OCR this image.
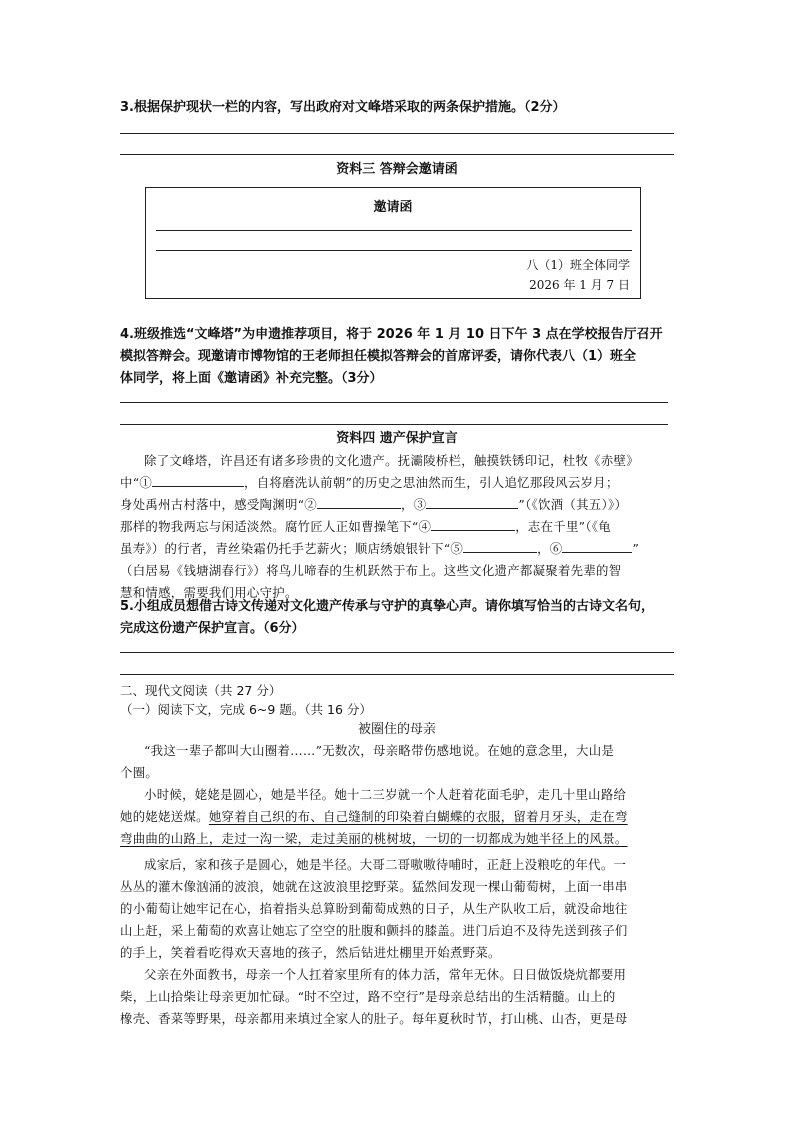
3.根据保护现状一栏的内容，写出政府对文峰塔采取的两条保护措施。（2分）
资料三 答辩会邀请函
邀请函
八（1）班全体同学
2026 年 1 月 7 日
4.班级推选“文峰塔”为申遗推荐项目，将于 2026 年 1 月 10 日下午 3 点在学校报告厅召开
模拟答辩会。现邀请市博物馆的王老师担任模拟答辩会的首席评委，请你代表八（1）班全
体同学，将上面《邀请函》补充完整。（3分）
资料四 遗产保护宣言
除了文峰塔，许昌还有诸多珍贵的文化遗产。抚灞陵桥栏，触摸铁锈印记，杜牧《赤壁》
中“①	，自将磨洗认前朝”的历史之思油然而生，引人追忆那段风云岁月；
身处禹州古村落中，感受陶渊明“②	，③	”（《饮酒（其五）》）
那样的物我两忘与闲适淡然。腐竹匠人正如曹操笔下“④	，志在千里”（《龟
虽寿》）的行者，青丝染霜仍托手艺薪火；顺店绣娘银针下“⑤	，⑥	”
（白居易《钱塘湖春行》）将鸟儿啼春的生机跃然于布上。这些文化遗产都凝聚着先辈的智
慧和情感，需要我们用心守护。
5.小组成员想借古诗文传递对文化遗产传承与守护的真挚心声。请你填写恰当的古诗文名句，
完成这份遗产保护宣言。（6分）
二、现代文阅读（共 27 分）
（一）阅读下文，完成 6~9 题。（共 16 分）
被圈住的母亲
“我这一辈子都叫大山圈着……”无数次，母亲略带伤感地说。在她的意念里，大山是
个圈。
小时候，姥姥是圆心，她是半径。她十二三岁就一个人赶着花面毛驴，走几十里山路给
她的姥姥送煤。她穿着自己织的布、自己缝制的印染着白蝴蝶的衣服，留着月牙头，走在弯
弯曲曲的山路上，走过一沟一梁，走过美丽的桃树坡，一切的一切都成为她半径上的风景。
成家后，家和孩子是圆心，她是半径。大哥二哥嗷嗷待哺时，正赶上没粮吃的年代。一
丛丛的灌木像汹涌的波浪，她就在这波浪里挖野菜。猛然间发现一棵山葡萄树，上面一串串
的小葡萄让她牢记在心，掐着指头总算盼到葡萄成熟的日子，从生产队收工后，就没命地往
山上赶，采上葡萄的欢喜让她忘了空空的肚腹和颤抖的膝盖。进门后迫不及待先送到孩子们
的手上，笑着看吃得欢天喜地的孩子，然后钻进灶棚里开始煮野菜。
父亲在外面教书，母亲一个人扛着家里所有的体力活，常年无休。日日做饭烧炕都要用
柴，上山拾柴让母亲更加忙碌。“时不空过，路不空行”是母亲总结出的生活精髓。山上的
橡壳、香菜等野果，母亲都用来填过全家人的肚子。每年夏秋时节，打山桃、山杏，更是母
